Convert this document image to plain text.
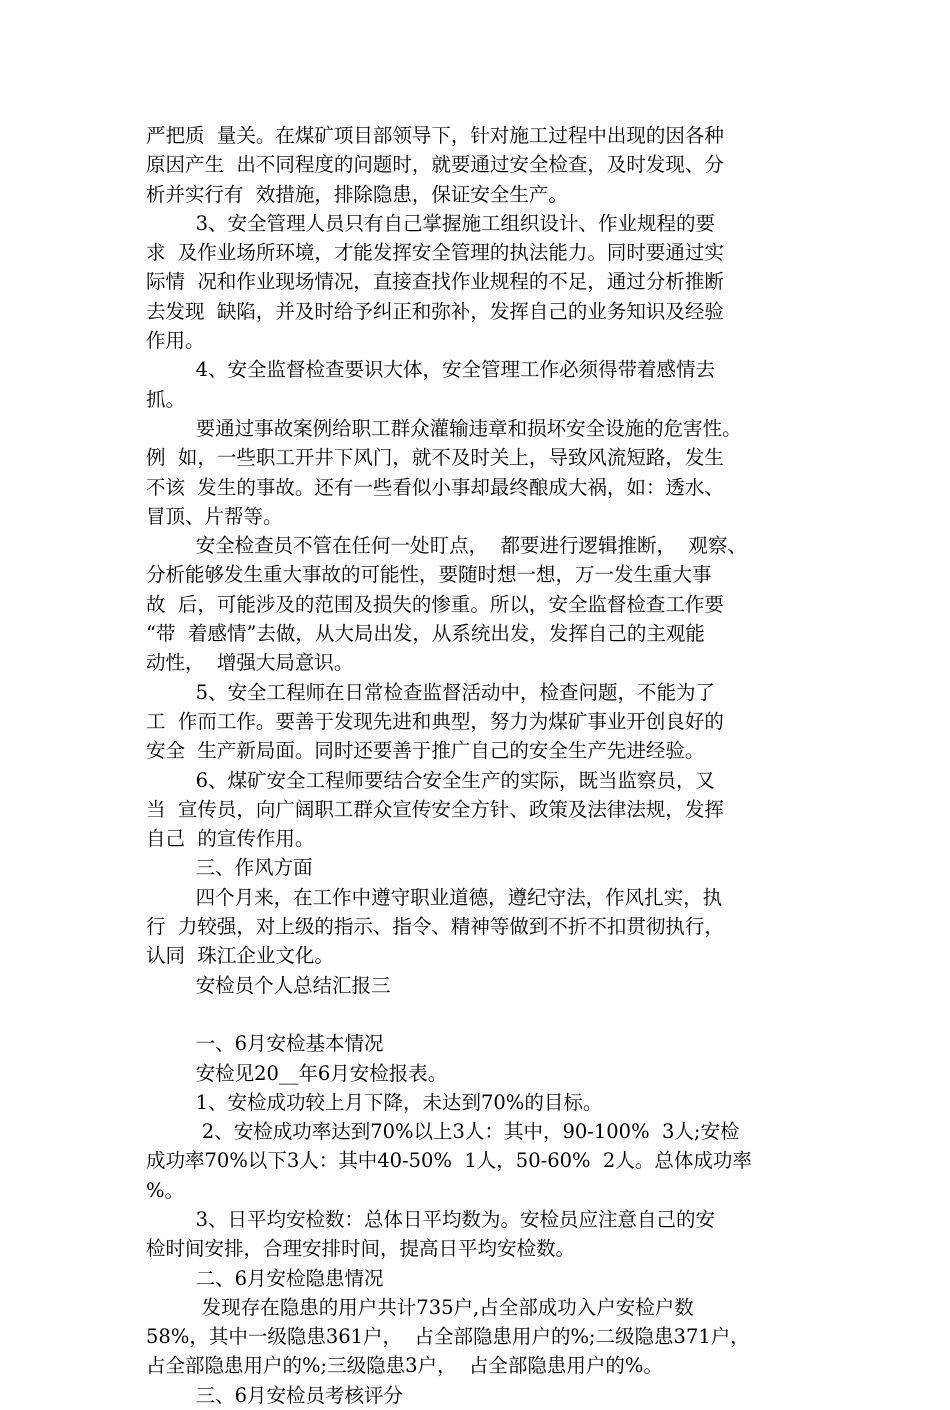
严把质  量关。在煤矿项目部领导下，针对施工过程中出现的因各种
原因产生  出不同程度的问题时，就要通过安全检查，及时发现、分
析并实行有  效措施，排除隐患，保证安全生产。
3、安全管理人员只有自己掌握施工组织设计、作业规程的要
求  及作业场所环境，才能发挥安全管理的执法能力。同时要通过实
际情  况和作业现场情况，直接查找作业规程的不足，通过分析推断
去发现  缺陷，并及时给予纠正和弥补，发挥自己的业务知识及经验
作用。
4、安全监督检查要识大体，安全管理工作必须得带着感情去
抓。
要通过事故案例给职工群众灌输违章和损坏安全设施的危害性。
例  如，一些职工开井下风门，就不及时关上，导致风流短路，发生
不该  发生的事故。还有一些看似小事却最终酿成大祸，如：透水、
冒顶、片帮等。
安全检查员不管在任何一处盯点，  都要进行逻辑推断，  观察、
分析能够发生重大事故的可能性，要随时想一想，万一发生重大事
故  后，可能涉及的范围及损失的惨重。所以，安全监督检查工作要
“带  着感情”去做，从大局出发，从系统出发，发挥自己的主观能
动性，  增强大局意识。
5、安全工程师在日常检查监督活动中，检查问题，不能为了
工  作而工作。要善于发现先进和典型，努力为煤矿事业开创良好的
安全  生产新局面。同时还要善于推广自己的安全生产先进经验。
6、煤矿安全工程师要结合安全生产的实际，既当监察员，又
当  宣传员，向广阔职工群众宣传安全方针、政策及法律法规，发挥
自己  的宣传作用。
三、作风方面
四个月来，在工作中遵守职业道德，遵纪守法，作风扎实，执
行  力较强，对上级的指示、指令、精神等做到不折不扣贯彻执行，
认同  珠江企业文化。
安检员个人总结汇报三
一、6月安检基本情况
安检见20__年6月安检报表。
1、安检成功较上月下降，未达到70%的目标。
2、安检成功率达到70%以上3人：其中，90-100%  3人;安检
成功率70%以下3人：其中40-50%  1人，50-60%  2人。总体成功率
%。
3、日平均安检数：总体日平均数为。安检员应注意自己的安
检时间安排，合理安排时间，提高日平均安检数。
二、6月安检隐患情况
发现存在隐患的用户共计735户,占全部成功入户安检户数
58%，其中一级隐患361户，  占全部隐患用户的%;二级隐患371户，
占全部隐患用户的%;三级隐患3户，  占全部隐患用户的%。
三、6月安检员考核评分
